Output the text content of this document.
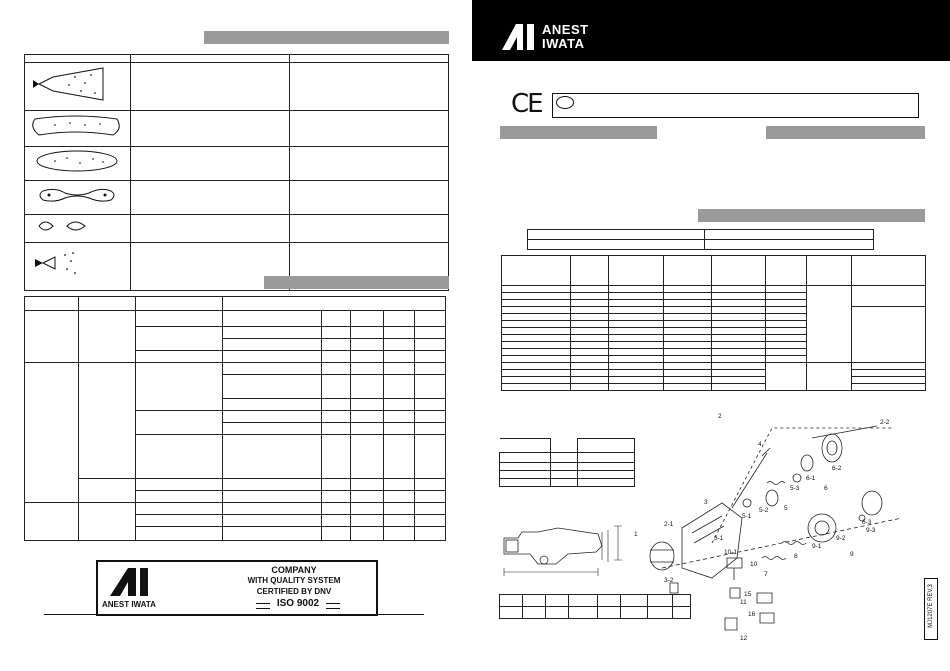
ANEST IWATA
COMPANY
WITH QUALITY SYSTEM
CERTIFIED BY DNV
ISO 9002
ANEST
IWATA
CE

2
2-2
4
3
2-1
1
3-2
3-1
10-1
10
11
12
5
5-1
5-2
5-3	6
6-1
6-2
6-3
8	9
9-1
9-2
9-3
7
15
16	MJ1207E REV.3
